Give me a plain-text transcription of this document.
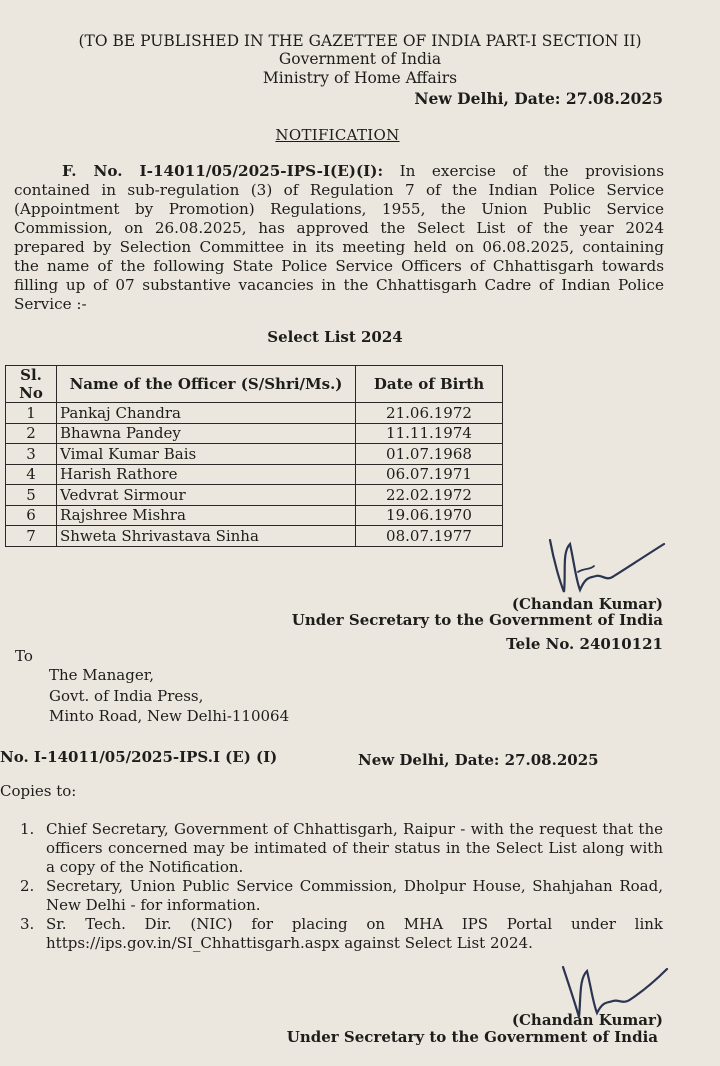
(TO BE PUBLISHED IN THE GAZETTEE OF INDIA PART-I SECTION II)
Government of India
Ministry of Home Affairs
New Delhi, Date: 27.08.2025
NOTIFICATION
F. No. I-14011/05/2025-IPS-I(E)(I): In exercise of the provisions
contained in sub-regulation (3) of Regulation 7 of the Indian Police Service
(Appointment by Promotion) Regulations, 1955, the Union Public Service
Commission, on 26.08.2025, has approved the Select List of the year 2024
prepared by Selection Committee in its meeting held on 06.08.2025, containing
the name of the following State Police Service Officers of Chhattisgarh towards
filling up of 07 substantive vacancies in the Chhattisgarh Cadre of Indian Police
Service :-
Select List 2024
Sl. No	Name of the Officer (S/Shri/Ms.)	Date of Birth
1	Pankaj Chandra	21.06.1972
2	Bhawna Pandey	11.11.1974
3	Vimal Kumar Bais	01.07.1968
4	Harish Rathore	06.07.1971
5	Vedvrat Sirmour	22.02.1972
6	Rajshree Mishra	19.06.1970
7	Shweta Shrivastava Sinha	08.07.1977
(Chandan Kumar)
Under Secretary to the Government of India
Tele No. 24010121
To
The Manager,
Govt. of India Press,
Minto Road, New Delhi-110064
No. I-14011/05/2025-IPS.I (E) (I)	New Delhi, Date: 27.08.2025
Copies to:
1. Chief Secretary, Government of Chhattisgarh, Raipur - with the request that the officers concerned may be intimated of their status in the Select List along with a copy of the Notification.
2. Secretary, Union Public Service Commission, Dholpur House, Shahjahan Road, New Delhi - for information.
3. Sr. Tech. Dir. (NIC) for placing on MHA IPS Portal under link https://ips.gov.in/SI_Chhattisgarh.aspx against Select List 2024.
(Chandan Kumar)
Under Secretary to the Government of India
